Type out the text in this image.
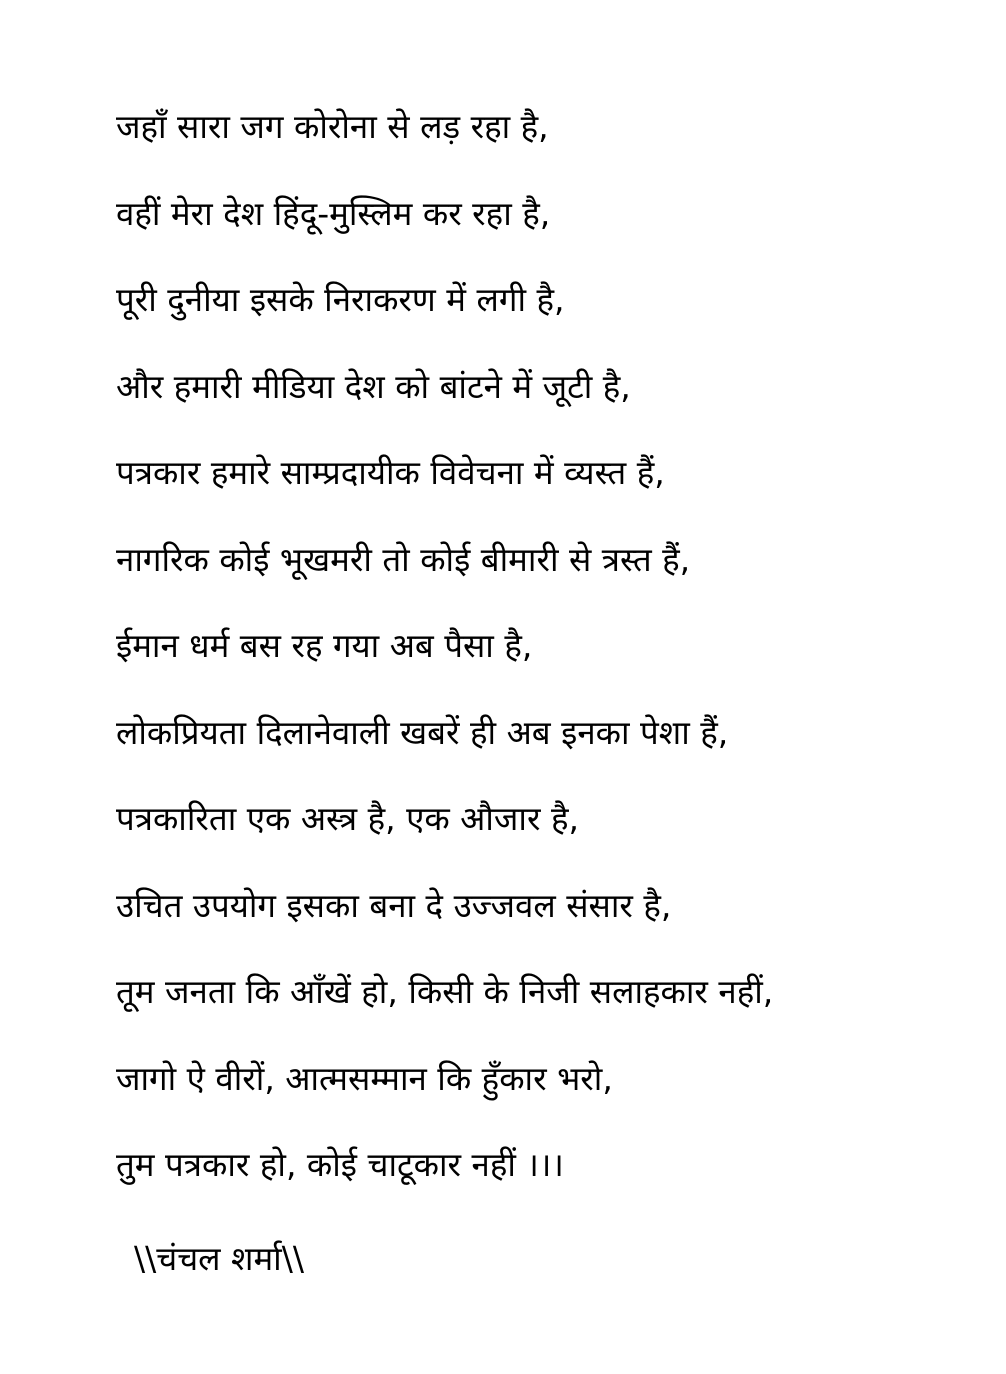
जहाँ सारा जग कोरोना से लड़ रहा है,
वहीं मेरा देश हिंदू-मुस्लिम कर रहा है,
पूरी दुनीया इसके निराकरण में लगी है,
और हमारी मीडिया देश को बांटने में जूटी है,
पत्रकार हमारे साम्प्रदायीक विवेचना में व्यस्त हैं,
नागरिक कोई भूखमरी तो कोई बीमारी से त्रस्त हैं,
ईमान धर्म बस रह गया अब पैसा है,
लोकप्रियता दिलानेवाली खबरें ही अब इनका पेशा हैं,
पत्रकारिता एक अस्त्र है, एक औजार है,
उचित उपयोग इसका बना दे उज्जवल संसार है,
तूम जनता कि आँखें हो, किसी के निजी सलाहकार नहीं,
जागो ऐ वीरों, आत्मसम्मान कि हुँकार भरो,
तुम पत्रकार हो, कोई चाटूकार नहीं ।।।
\\चंचल शर्मा\\
